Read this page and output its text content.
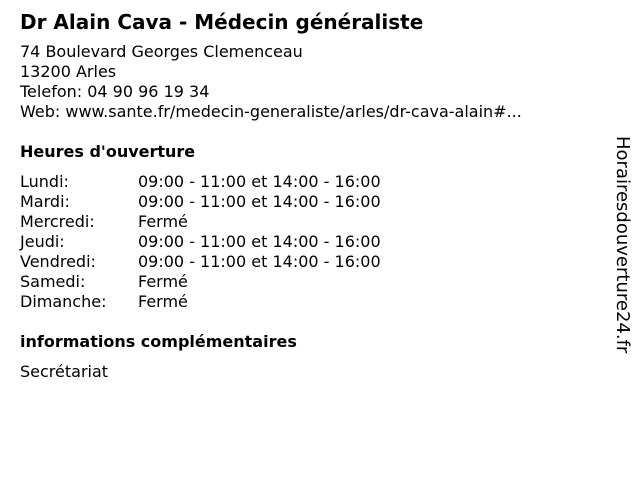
Dr Alain Cava - Médecin généraliste
74 Boulevard Georges Clemenceau
13200 Arles
Telefon: 04 90 96 19 34
Web: www.sante.fr/medecin-generaliste/arles/dr-cava-alain#...
Heures d'ouverture
Lundi:	09:00 - 11:00 et 14:00 - 16:00
Mardi:	09:00 - 11:00 et 14:00 - 16:00
Mercredi:	Fermé
Jeudi:	09:00 - 11:00 et 14:00 - 16:00
Vendredi:	09:00 - 11:00 et 14:00 - 16:00
Samedi:	Fermé
Dimanche:	Fermé
informations complémentaires
Secrétariat
Horairesdouverture24.fr
